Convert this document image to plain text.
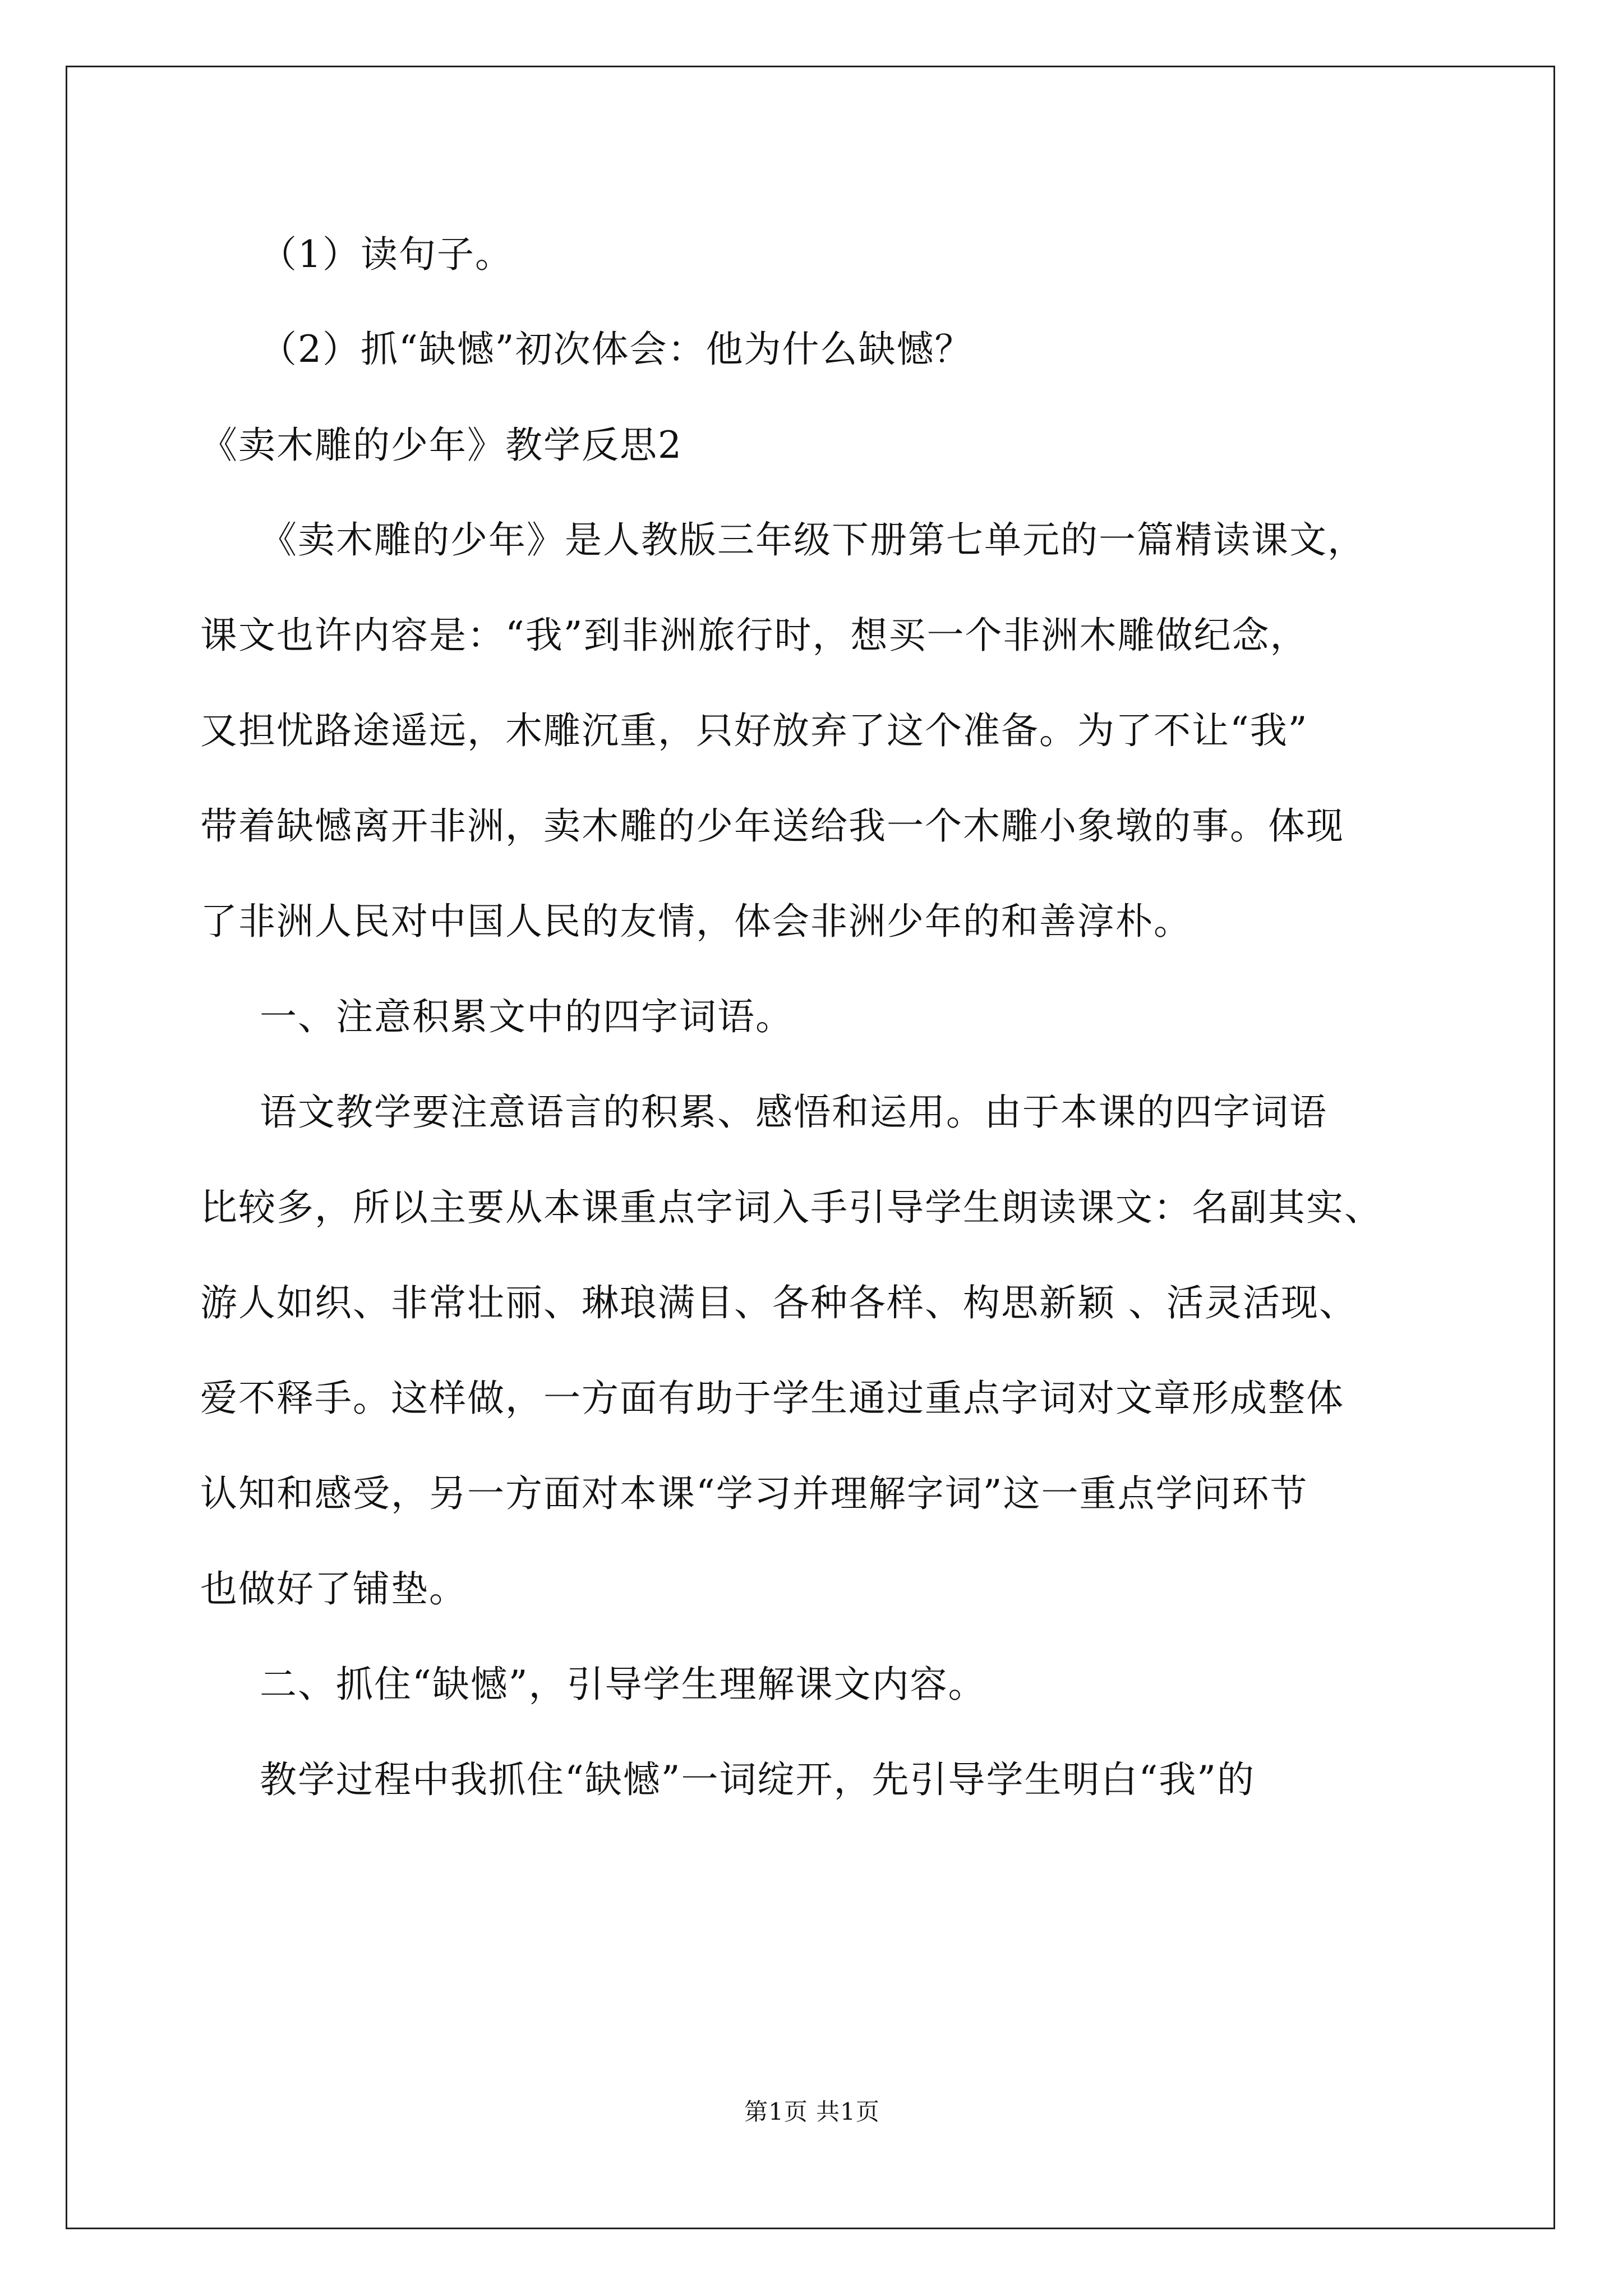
（1）读句子。
（2）抓“缺憾”初次体会：他为什么缺憾？
《卖木雕的少年》教学反思2
《卖木雕的少年》是人教版三年级下册第七单元的一篇精读课文，
课文也许内容是：“我”到非洲旅行时，想买一个非洲木雕做纪念，
又担忧路途遥远，木雕沉重，只好放弃了这个准备。为了不让“我”
带着缺憾离开非洲，卖木雕的少年送给我一个木雕小象墩的事。体现
了非洲人民对中国人民的友情，体会非洲少年的和善淳朴。
一、注意积累文中的四字词语。
语文教学要注意语言的积累、感悟和运用。由于本课的四字词语
比较多，所以主要从本课重点字词入手引导学生朗读课文：名副其实、
游人如织、非常壮丽、琳琅满目、各种各样、构思新颖 、活灵活现、
爱不释手。这样做，一方面有助于学生通过重点字词对文章形成整体
认知和感受，另一方面对本课“学习并理解字词”这一重点学问环节
也做好了铺垫。
二、抓住“缺憾”，引导学生理解课文内容。
教学过程中我抓住“缺憾”一词绽开，先引导学生明白“我”的
第1页 共1页
